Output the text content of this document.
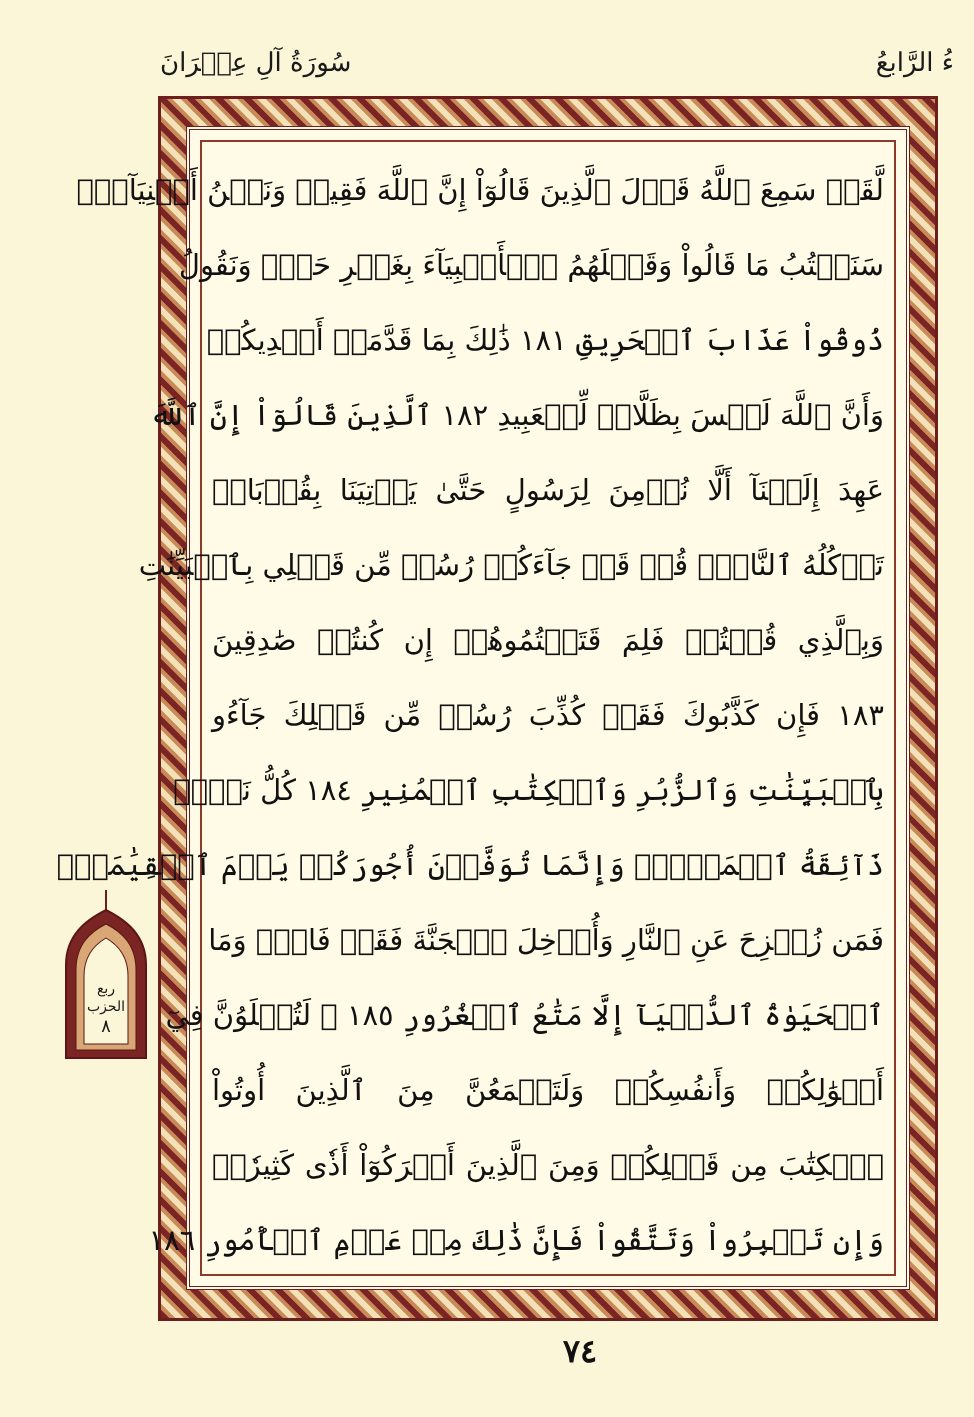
سُورَةُ آلِ عِمۡرَانَ	ءُ الرَّابعُ
لَّقَدۡ سَمِعَ ٱللَّهُ قَوۡلَ ٱلَّذِينَ قَالُوٓاْ إِنَّ ٱللَّهَ فَقِيرٞ وَنَحۡنُ أَغۡنِيَآءُۘ
سَنَكۡتُبُ مَا قَالُواْ وَقَتۡلَهُمُ ٱلۡأَنۢبِيَآءَ بِغَيۡرِ حَقّٖ وَنَقُولُ
ذُوقُواْ عَذَابَ ٱلۡحَرِيقِ ١٨١ ذَٰلِكَ بِمَا قَدَّمَتۡ أَيۡدِيكُمۡ
وَأَنَّ ٱللَّهَ لَيۡسَ بِظَلَّامٖ لِّلۡعَبِيدِ ١٨٢ ٱلَّذِينَ قَالُوٓاْ إِنَّ ٱللَّهَ
عَهِدَ إِلَيۡنَآ أَلَّا نُؤۡمِنَ لِرَسُولٍ حَتَّىٰ يَأۡتِيَنَا بِقُرۡبَانٖ
تَأۡكُلُهُ ٱلنَّارُۗ قُلۡ قَدۡ جَآءَكُمۡ رُسُلٞ مِّن قَبۡلِي بِٱلۡبَيِّنَٰتِ
وَبِٱلَّذِي قُلۡتُمۡ فَلِمَ قَتَلۡتُمُوهُمۡ إِن كُنتُمۡ صَٰدِقِينَ
١٨٣ فَإِن كَذَّبُوكَ فَقَدۡ كُذِّبَ رُسُلٞ مِّن قَبۡلِكَ جَآءُو
بِٱلۡبَيِّنَٰتِ وَٱلزُّبُرِ وَٱلۡكِتَٰبِ ٱلۡمُنِيرِ ١٨٤ كُلُّ نَفۡسٖ
ذَآئِقَةُ ٱلۡمَوۡتِۗ وَإِنَّمَا تُوَفَّوۡنَ أُجُورَكُمۡ يَوۡمَ ٱلۡقِيَٰمَةِۖ
فَمَن زُحۡزِحَ عَنِ ٱلنَّارِ وَأُدۡخِلَ ٱلۡجَنَّةَ فَقَدۡ فَازَۗ وَمَا
ٱلۡحَيَوٰةُ ٱلدُّنۡيَآ إِلَّا مَتَٰعُ ٱلۡغُرُورِ ١٨٥ ۞ لَتُبۡلَوُنَّ فِيٓ
أَمۡوَٰلِكُمۡ وَأَنفُسِكُمۡ وَلَتَسۡمَعُنَّ مِنَ ٱلَّذِينَ أُوتُواْ
ٱلۡكِتَٰبَ مِن قَبۡلِكُمۡ وَمِنَ ٱلَّذِينَ أَشۡرَكُوٓاْ أَذٗى كَثِيرٗاۚ
وَإِن تَصۡبِرُواْ وَتَتَّقُواْ فَإِنَّ ذَٰلِكَ مِنۡ عَزۡمِ ٱلۡأُمُورِ ١٨٦
ربع
الحزب
٨
٧٤
